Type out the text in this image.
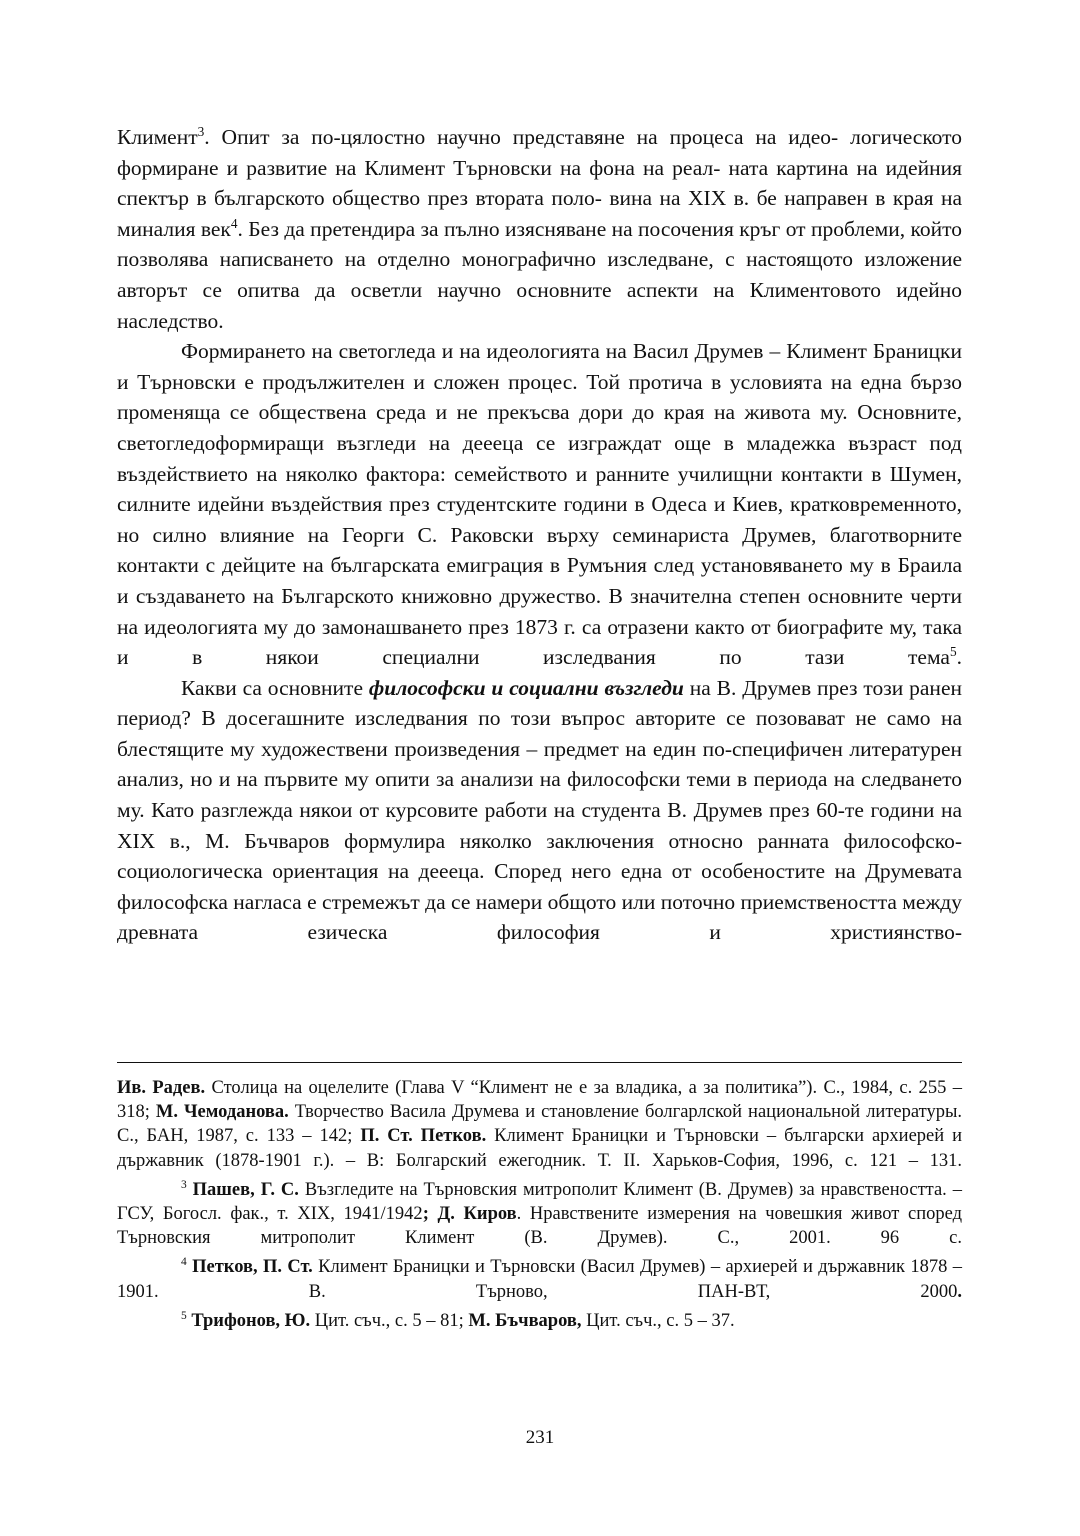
Климент$^3$. Опит за по-цялостно научно представяне на процеса на идео- логическото формиране и развитие на Климент Търновски на фона на реал- ната картина на идейния спектър в българското общество през втората поло- вина на XIX в. бе направен в края на миналия век$^4$. Без да претендира за пълно изясняване на посочения кръг от проблеми, който позволява написването на отделно монографично изследване, с настоящото изложение авторът се опитва да осветли научно основните аспекти на Климентовото идейно наследство.

Формирането на светогледа и на идеологията на Васил Друмев – Климент Браницки и Търновски е продължителен и сложен процес. Той протича в условията на една бързо променяща се обществена среда и не прекъсва дори до края на живота му. Основните, светогледоформиращи възгледи на деееца се изграждат още в младежка възраст под въздействието на няколко фактора: семейството и ранните училищни контакти в Шумен, силните идейни въздействия през студентските години в Одеса и Киев, кратковременното, но силно влияние на Георги С. Раковски върху семинариста Друмев, благотворните контакти с дейците на българската емиграция в Румъния след установяването му в Браила и създаването на Българското книжовно дружество. В значителна степен основните черти на идеологията му до замонашването през 1873 г. са отразени както от биографите му, така и в някои специални изследвания по тази тема$^5$.

Какви са основните философски и социални възгледи на В. Друмев през този ранен период? В досегашните изследвания по този въпрос авторите се позовават не само на блестящите му художествени произведения – предмет на един по-специфичен литературен анализ, но и на първите му опити за анализи на философски теми в периода на следването му. Като разглежда някои от курсовите работи на студента В. Друмев през 60-те години на XIX в., М. Бъчваров формулира няколко заключения относно ранната философско-социологическа ориентация на деееца. Според него една от особеностите на Друмевата философска нагласа е стремежът да се намери общото или поточно приемствеността между древната езическа философия и християнство-

Ив. Радев. Столица на оцелелите (Глава V “Климент не е за владика, а за политика”). С., 1984, с. 255 – 318; М. Чемоданова. Творчество Васила Друмева и становление болгарлской национальной литературы. С., БАН, 1987, с. 133 – 142; П. Ст. Петков. Климент Браницки и Търновски – български архиерей и държавник (1878-1901 г.). – В: Болгарский ежегодник. Т. II. Харьков-София, 1996, с. 121 – 131.

$^3$ Пашев, Г. С. Възгледите на Търновския митрополит Климент (В. Друмев) за нравствеността. – ГСУ, Богосл. фак., т. XIX, 1941/1942; Д. Киров. Нравствените измерения на човешкия живот според Търновския митрополит Климент (В. Друмев). С., 2001. 96 с.

$^4$ Петков, П. Ст. Климент Браницки и Търновски (Васил Друмев) – архиерей и държавник 1878 – 1901. В. Търново, ПАН-ВТ, 2000.

$^5$ Трифонов, Ю. Цит. съч., с. 5 – 81; М. Бъчваров, Цит. съч., с. 5 – 37.

231
